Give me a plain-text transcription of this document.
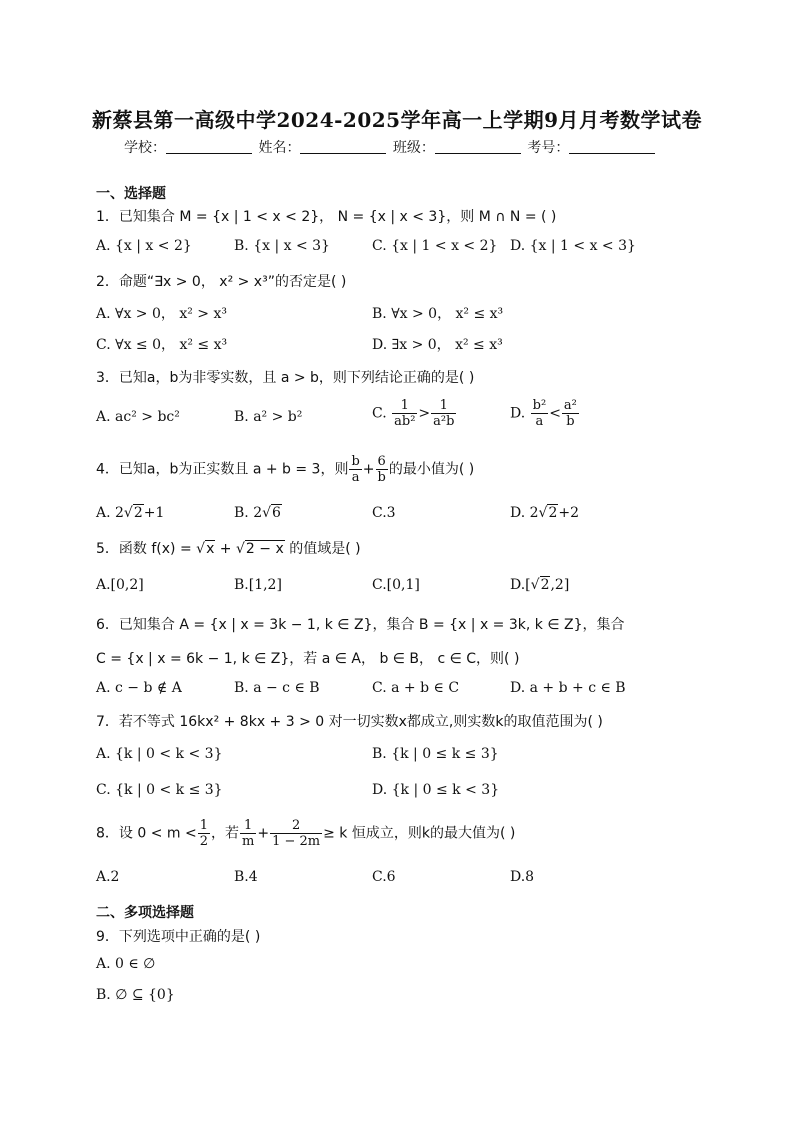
新蔡县第一高级中学2024-2025学年高一上学期9月月考数学试卷
学校：	姓名：	班级：	考号：
一、选择题
1．已知集合 M = {x | 1 < x < 2}， N = {x | x < 3}，则 M ∩ N = ( )
A. {x | x < 2}	B. {x | x < 3}	C. {x | 1 < x < 2} D. {x | 1 < x < 3}
2．命题“∃x > 0， x² > x³”的否定是( )
A. ∀x > 0， x² > x³	B. ∀x > 0， x² ≤ x³
C. ∀x ≤ 0， x² ≤ x³	D. ∃x > 0， x² ≤ x³
3．已知a，b为非零实数，且 a > b，则下列结论正确的是( )
A. ac² > bc²	B. a² > b²	C. $\frac{1}{\text{ab²}} > \frac{1}{\text{a²b}}$	D. $\frac{\text{b²}}{a} < \frac{\text{a²}}{b}$
4．已知a，b为正实数且 a + b = 3，则 $\frac{b}{a} + \frac{6}{b}$ 的最小值为( )
A. 2√2+1	B. 2√6	C.3	D. 2√2+2
5．函数 f(x) = √x + √2 − x 的值域是( )
A.[0,2]	B.[1,2]	C.[0,1]	D.[√2,2]
6．已知集合 A = {x | x = 3k − 1, k ∈ Z}，集合 B = {x | x = 3k, k ∈ Z}，集合
C = {x | x = 6k − 1, k ∈ Z}，若 a ∈ A， b ∈ B， c ∈ C，则( )
A. c − b ∉ A	B. a − c ∈ B	C. a + b ∈ C	D. a + b + c ∈ B
7．若不等式 16kx² + 8kx + 3 > 0 对一切实数x都成立,则实数k的取值范围为( )
A. {k | 0 < k < 3}	B. {k | 0 ≤ k ≤ 3}
C. {k | 0 < k ≤ 3}	D. {k | 0 ≤ k < 3}
8．设 $0 < m < \frac{1}{2}$ ，若 $\frac{1}{m} + \frac{2}{1 - 2m} \ge k$ 恒成立，则k的最大值为( )
A.2	B.4	C.6	D.8
二、多项选择题
9．下列选项中正确的是( )
A. 0 ∈ ∅
B. ∅ ⊆ {0}
